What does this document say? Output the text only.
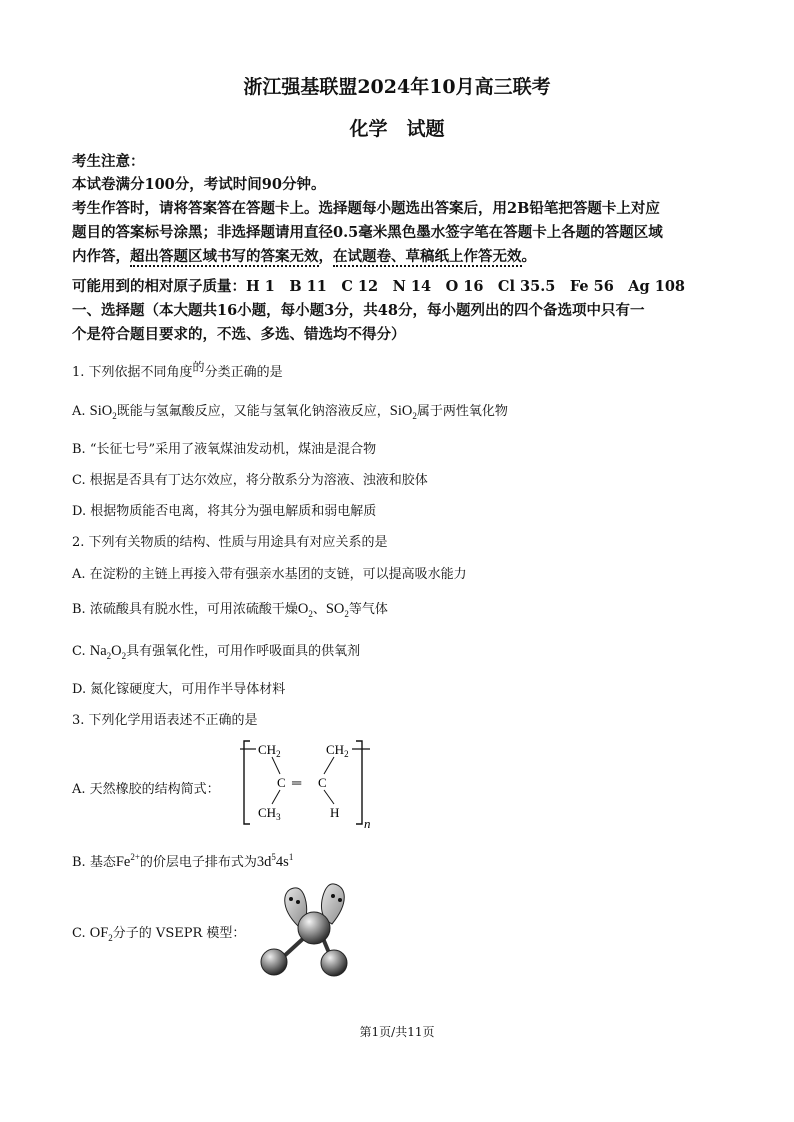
浙江强基联盟2024年10月高三联考
化学　试题
考生注意：
本试卷满分100分，考试时间90分钟。
考生作答时，请将答案答在答题卡上。选择题每小题选出答案后，用2B铅笔把答题卡上对应
题目的答案标号涂黑；非选择题请用直径0.5毫米黑色墨水签字笔在答题卡上各题的答题区域
内作答，超出答题区域书写的答案无效，在试题卷、草稿纸上作答无效。
可能用到的相对原子质量：H 1　B 11　C 12　N 14　O 16　Cl 35.5　Fe 56　Ag 108
一、选择题（本大题共16小题，每小题3分，共48分，每小题列出的四个备选项中只有一
个是符合题目要求的，不选、多选、错选均不得分）
1. 下列依据不同角度的分类正确的是
A. SiO$_2$既能与氢氟酸反应，又能与氢氧化钠溶液反应，SiO$_2$属于两性氧化物
B. “长征七号”采用了液氧煤油发动机，煤油是混合物
C. 根据是否具有丁达尔效应，将分散系分为溶液、浊液和胶体
D. 根据物质能否电离，将其分为强电解质和弱电解质
2. 下列有关物质的结构、性质与用途具有对应关系的是
A. 在淀粉的主链上再接入带有强亲水基团的支链，可以提高吸水能力
B. 浓硫酸具有脱水性，可用浓硫酸干燥$O_2$、$SO_2$等气体
C. $Na_2O_2$具有强氧化性，可用作呼吸面具的供氧剂
D. 氮化镓硬度大，可用作半导体材料
3. 下列化学用语表述不正确的是
A. 天然橡胶的结构简式：
$CH_2$	$CH_2$
C ═ C
$CH_3$	H
n
B. 基态$Fe^{2+}$的价层电子排布式为$3d^54s^1$
C. $OF_2$分子的 VSEPR 模型：
第1页/共11页
